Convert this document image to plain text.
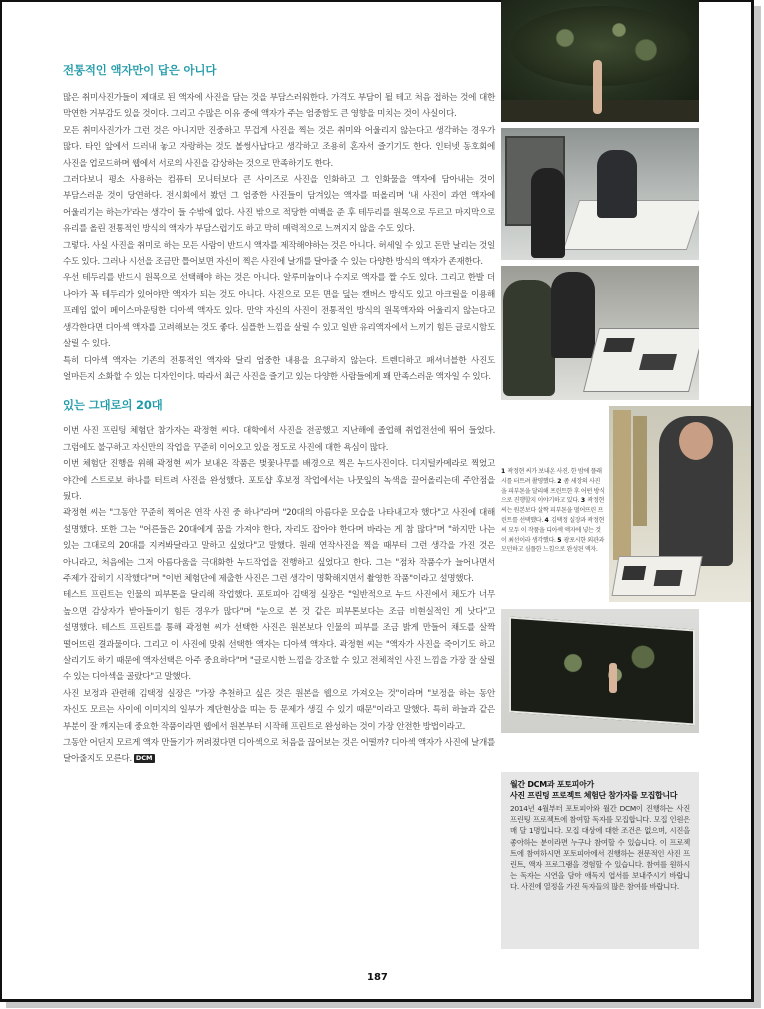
전통적인 액자만이 답은 아니다

많은 취미사진가들이 제대로 된 액자에 사진을 담는 것을 부담스러워한다. 가격도 부담이 될 테고 처음 접하는 것에 대한 막연한 거부감도 있을 것이다. 그리고 수많은 이유 중에 액자가 주는 엄중함도 큰 영향을 미치는 것이 사실이다.

모든 취미사진가가 그런 것은 아니지만 진중하고 무겁게 사진을 찍는 것은 취미와 어울리지 않는다고 생각하는 경우가 많다. 타인 앞에서 드러내 놓고 자랑하는 것도 볼썽사납다고 생각하고 조용히 혼자서 즐기기도 한다. 인터넷 동호회에 사진을 업로드하며 웹에서 서로의 사진을 감상하는 것으로 만족하기도 한다.

그러다보니 평소 사용하는 컴퓨터 모니터보다 큰 사이즈로 사진을 인화하고 그 인화물을 액자에 담아내는 것이 부담스러운 것이 당연하다. 전시회에서 봤던 그 엄중한 사진들이 담겨있는 액자를 떠올리며 '내 사진이 과연 액자에 어울리기는 하는가'라는 생각이 들 수밖에 없다. 사진 밖으로 적당한 여백을 준 후 테두리를 원목으로 두르고 마지막으로 유리를 올린 전통적인 방식의 액자가 부담스럽기도 하고 막히 매력적으로 느껴지지 않을 수도 있다.

그렇다. 사실 사진을 취미로 하는 모든 사람이 반드시 액자를 제작해야하는 것은 아니다. 허세일 수 있고 돈만 날리는 것일 수도 있다. 그러나 시선을 조금만 틀어보면 자신이 찍은 사진에 날개를 달아줄 수 있는 다양한 방식의 액자가 존재한다.

우선 테두리를 반드시 원목으로 선택해야 하는 것은 아니다. 알루미늄이나 수지로 액자를 짤 수도 있다. 그리고 한발 더 나아가 꼭 테두리가 있어야만 액자가 되는 것도 아니다. 사진으로 모든 면을 덮는 캔버스 방식도 있고 아크릴을 이용해 프레임 없이 페이스마운팅한 디아섹 액자도 있다. 만약 자신의 사진이 전통적인 방식의 원목액자와 어울리지 않는다고 생각한다면 디아섹 액자를 고려해보는 것도 좋다. 심플한 느낌을 살릴 수 있고 일반 유리액자에서 느끼기 힘든 글로시함도 살릴 수 있다.

특히 디아섹 액자는 기존의 전통적인 액자와 달리 엄중한 내용을 요구하지 않는다. 트렌디하고 패셔너블한 사진도 얼마든지 소화할 수 있는 디자인이다. 따라서 최근 사진을 즐기고 있는 다양한 사람들에게 꽤 만족스러운 액자일 수 있다.

있는 그대로의 20대

이번 사진 프린팅 체험단 참가자는 곽정현 씨다. 대학에서 사진을 전공했고 지난해에 졸업해 취업전선에 뛰어 들었다. 그럼에도 불구하고 자신만의 작업을 꾸준히 이어오고 있을 정도로 사진에 대한 욕심이 많다.

이번 체험단 진행을 위해 곽정현 씨가 보내온 작품은 벚꽃나무를 배경으로 찍은 누드사진이다. 디지털카메라로 찍었고 야간에 스트로보 하나를 터트려 사진을 완성했다. 포토샵 후보정 작업에서는 나뭇잎의 녹색을 끌어올리는데 주안점을 뒀다.

곽정현 씨는 "그동안 꾸준히 찍어온 연작 사진 중 하나"라며 "20대의 아름다운 모습을 나타내고자 했다"고 사진에 대해 설명했다. 또한 그는 "어른들은 20대에게 꿈을 가져야 한다, 자리도 잡아야 한다며 바라는 게 참 많다"며 "하지만 나는 있는 그대로의 20대를 지켜봐달라고 말하고 싶었다"고 말했다. 원래 연작사진을 찍을 때부터 그런 생각을 가진 것은 아니라고, 처음에는 그저 아름다움을 극대화한 누드작업을 진행하고 싶었다고 한다. 그는 "점차 작품수가 늘어나면서 주제가 잡히기 시작했다"며 "이번 체험단에 제출한 사진은 그런 생각이 명확해지면서 촬영한 작품"이라고 설명했다.

테스트 프린트는 인물의 피부톤을 달리해 작업했다. 포토피아 김택정 실장은 "일반적으로 누드 사진에서 채도가 너무 높으면 감상자가 받아들이기 힘든 경우가 많다"며 "눈으로 본 것 같은 피부톤보다는 조금 비현실적인 게 낫다"고 설명했다. 테스트 프린트를 통해 곽정현 씨가 선택한 사진은 원본보다 인물의 피부를 조금 밝게 만들어 채도를 살짝 떨어뜨린 결과물이다. 그리고 이 사진에 맞춰 선택한 액자는 디아섹 액자다. 곽정현 씨는 "액자가 사진을 죽이기도 하고 살리기도 하기 때문에 액자선택은 아주 중요하다"며 "글로시한 느낌을 강조할 수 있고 전체적인 사진 느낌을 가장 잘 살릴 수 있는 디아섹을 골랐다"고 말했다.

사진 보정과 관련해 김택정 실장은 "가장 추천하고 싶은 것은 원본을 웹으로 가져오는 것"이라며 "보정을 하는 동안 자신도 모르는 사이에 이미지의 일부가 계단현상을 띠는 등 문제가 생길 수 있기 때문"이라고 말했다. 특히 하늘과 같은 부분이 잘 깨지는데 중요한 작품이라면 웹에서 원본부터 시작해 프린트로 완성하는 것이 가장 안전한 방법이라고.

그동안 어딘지 모르게 액자 만들기가 꺼려졌다면 디아섹으로 처음을 끊어보는 것은 어떨까? 디아섹 액자가 사진에 날개를 달아줄지도 모른다. DCM

1 곽정현 씨가 보내온 사진. 한 밤에 플래시를 터트려 촬영했다. 2 좀 세장의 사진을 피부톤을 달리해 프린트한 후 어떤 방식으로 진행할지 이야기하고 있다. 3 곽정현 씨는 원본보다 살짝 피부톤을 떨어뜨린 프린트를 선택했다. 4 김택정 실장과 곽정현 씨 모두 이 작품을 디아섹 액자에 넣는 것이 최선이라 생각했다. 5 광포시한 외관과 모던하고 심플한 느낌으로 완성된 액자.
월간 DCM과 포토피아가
사진 프린팅 프로젝트 체험단 참가자를 모집합니다

2014년 4월부터 포토피아와 월간 DCM이 진행하는 사진 프린팅 프로젝트에 참여할 독자를 모집합니다. 모집 인원은 매 달 1명입니다. 모집 대상에 대한 조건은 없으며, 시진을 좋아하는 분이라면 누구나 참여할 수 있습니다. 이 프로젝트에 참여하시면 포토피아에서 진행하는 전문적인 사진 프린트, 액자 프로그램을 경험할 수 있습니다. 참여를 원하시는 독자는 시연을 담아 애독지 엽서를 보내주시기 바랍니다. 사진에 열정을 가진 독자들의 많은 참여를 바랍니다.

187
